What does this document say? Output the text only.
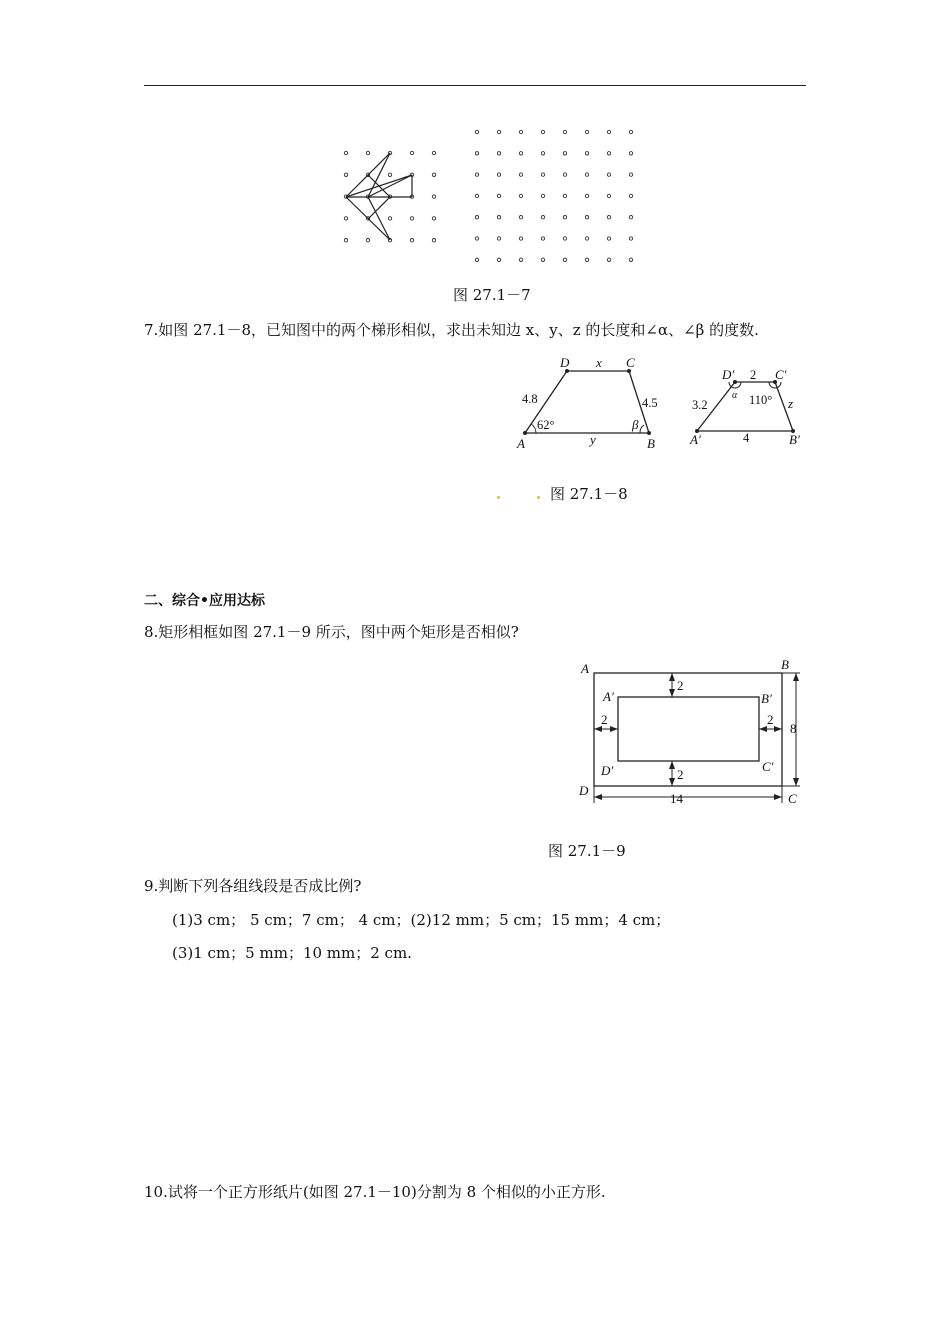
图 27.1－7
7.如图 27.1－8，已知图中的两个梯形相似，求出未知边 x、y、z 的长度和∠α、∠β 的度数.
D	C
A	B
x
y
β
4.8	4.5
62°
D′	C′
A′	B′
z
α
2
3.2
4
110°
图 27.1－8
二、综合•应用达标
8.矩形相框如图 27.1－9 所示，图中两个矩形是否相似?
A	B
C
D
A′	B′
C′
D′
2
2	2
2
8
14
图 27.1－9
9.判断下列各组线段是否成比例?
(1)3 cm； 5 cm；7 cm； 4 cm；(2)12 mm；5 cm；15 mm；4 cm；
(3)1 cm；5 mm；10 mm；2 cm.
10.试将一个正方形纸片(如图 27.1－10)分割为 8 个相似的小正方形.
